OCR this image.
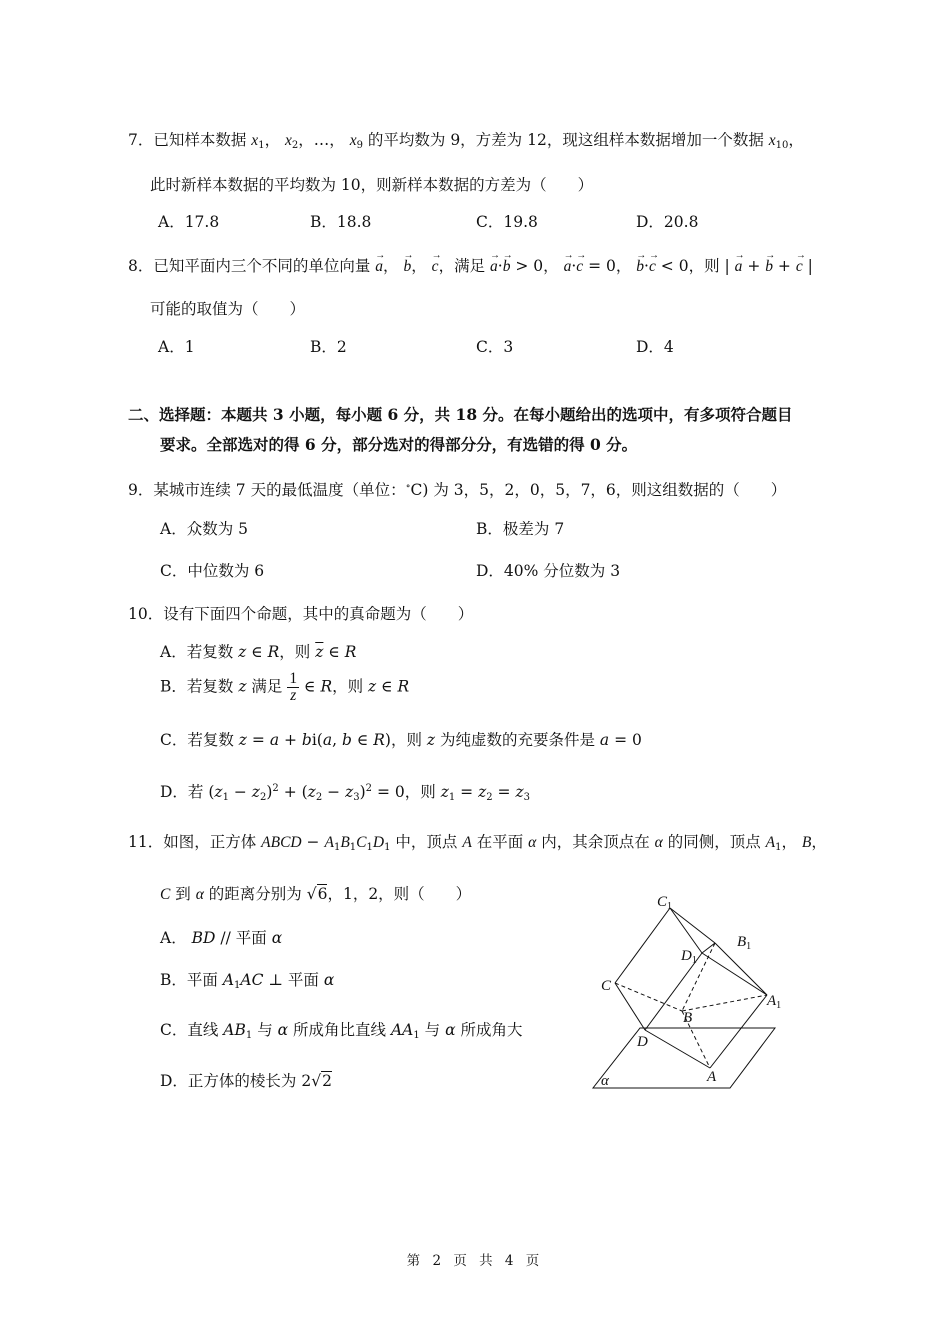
7．已知样本数据 $x_1$， $x_2$，…， $x_9$ 的平均数为 9，方差为 12，现这组样本数据增加一个数据 $x_{10}$，
此时新样本数据的平均数为 10，则新样本数据的方差为（　　）
A．17.8	B．18.8	C．19.8	D．20.8
8．已知平面内三个不同的单位向量 → a， → b， → c，满足 → a·→ b > 0， → a·→ c = 0， → b·→ c < 0，则 | → a + → b + → c |
可能的取值为（　　）
A．1	B．2	C．3	D．4
二、选择题：本题共 3 小题，每小题 6 分，共 18 分。在每小题给出的选项中，有多项符合题目
要求。全部选对的得 6 分，部分选对的得部分分，有选错的得 0 分。
9．某城市连续 7 天的最低温度（单位：∘C) 为 3，5，2，0，5，7，6，则这组数据的（　　）
A．众数为 5	B．极差为 7
C．中位数为 6	D．40% 分位数为 3
10．设有下面四个命题，其中的真命题为（　　）
A．若复数 z ∈ R，则 $\overline{z}$ ∈ R
B．若复数 z 满足 $\frac{1}{z}$ ∈ R，则 z ∈ R
C．若复数 z = a + bi(a, b ∈ R)，则 z 为纯虚数的充要条件是 a = 0
D．若 $(z_1 - z_2)^2 + (z_2 - z_3)^2 = 0$，则 $z_1 = z_2 = z_3$
11．如图，正方体 ABCD − $A_1B_1C_1D_1$ 中，顶点 A 在平面 α 内，其余顶点在 α 的同侧，顶点 $A_1$， B，
C 到 α 的距离分别为 √6，1，2，则（　　）
A． BD // 平面 α
B．平面 $A_1AC$ ⊥ 平面 α
C．直线 $AB_1$ 与 α 所成角比直线 $AA_1$ 与 α 所成角大
D．正方体的棱长为 2√2
$C_1$
$B_1$
$D_1$
C
$A_1$
B
D
A
α
第 2 页 共 4 页
